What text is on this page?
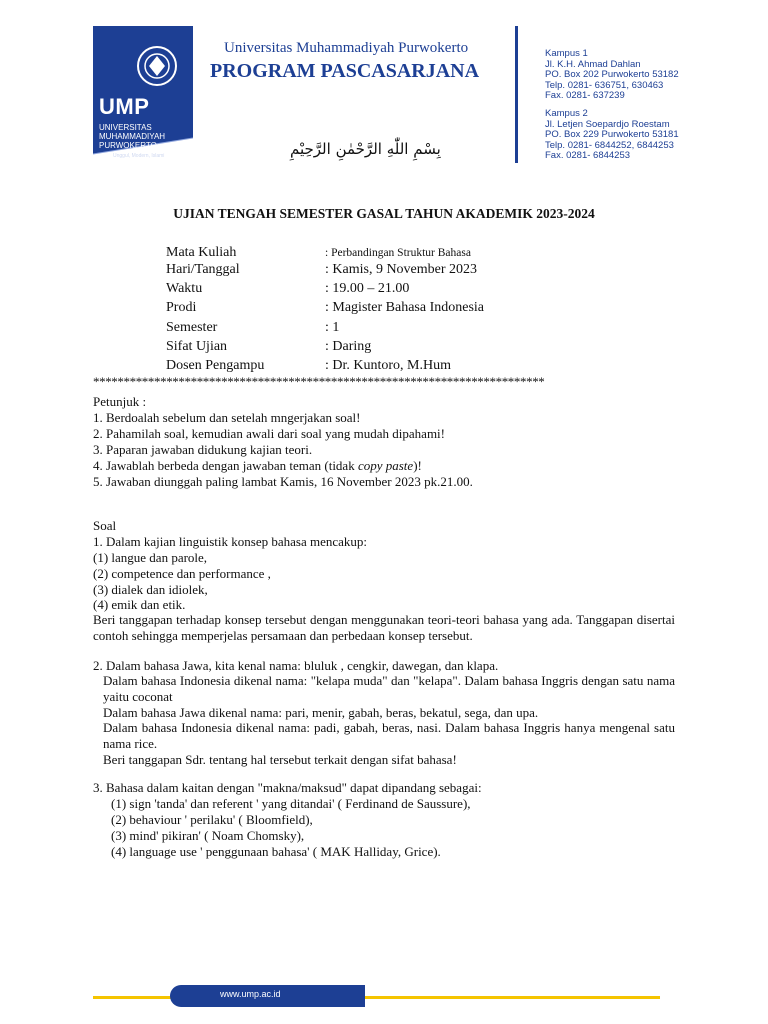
UMP
UNIVERSITAS MUHAMMADIYAH PURWOKERTO
Unggul, Modern, Islami
Universitas Muhammadiyah Purwokerto
PROGRAM PASCASARJANA
Kampus 1
Jl. K.H. Ahmad Dahlan
PO. Box 202 Purwokerto 53182
Telp. 0281- 636751, 630463
Fax. 0281- 637239
Kampus 2
Jl. Letjen Soepardjo Roestam
PO. Box 229 Purwokerto 53181
Telp. 0281- 6844252, 6844253
Fax. 0281- 6844253
بِسْمِ اللّٰهِ الرَّحْمٰنِ الرَّحِيْمِ
UJIAN TENGAH SEMESTER GASAL TAHUN AKADEMIK 2023-2024
Mata Kuliah	: Perbandingan Struktur Bahasa
Hari/Tanggal	: Kamis, 9 November 2023
Waktu	: 19.00 – 21.00
Prodi	: Magister Bahasa Indonesia
Semester	: 1
Sifat Ujian	: Daring
Dosen Pengampu	: Dr. Kuntoro, M.Hum
**************************************************************************
Petunjuk :
1. Berdoalah sebelum dan setelah mngerjakan soal!
2. Pahamilah soal, kemudian awali dari soal yang mudah dipahami!
3. Paparan jawaban didukung kajian teori.
4. Jawablah berbeda dengan jawaban teman (tidak copy paste)!
5. Jawaban diunggah paling lambat Kamis, 16 November 2023 pk.21.00.
Soal
1. Dalam kajian linguistik konsep bahasa mencakup:
(1) langue dan parole,
(2) competence dan performance ,
(3) dialek dan idiolek,
(4) emik dan etik.
Beri tanggapan terhadap konsep tersebut dengan menggunakan teori-teori bahasa yang ada. Tanggapan disertai contoh sehingga memperjelas persamaan dan perbedaan konsep tersebut.
2. Dalam bahasa Jawa, kita kenal nama: bluluk , cengkir, dawegan, dan klapa.
Dalam bahasa Indonesia dikenal nama: "kelapa muda" dan "kelapa". Dalam bahasa Inggris dengan satu nama yaitu coconat
Dalam bahasa Jawa dikenal nama: pari, menir, gabah, beras, bekatul, sega, dan upa.
Dalam bahasa Indonesia dikenal nama: padi, gabah, beras, nasi. Dalam bahasa Inggris hanya mengenal satu nama rice.
Beri tanggapan Sdr. tentang hal tersebut terkait dengan sifat bahasa!
3. Bahasa dalam kaitan dengan "makna/maksud" dapat dipandang sebagai:
(1) sign 'tanda' dan referent ' yang ditandai' ( Ferdinand de Saussure),
(2) behaviour ' perilaku' ( Bloomfield),
(3) mind' pikiran' ( Noam Chomsky),
(4) language use ' penggunaan bahasa' ( MAK Halliday, Grice).
www.ump.ac.id
